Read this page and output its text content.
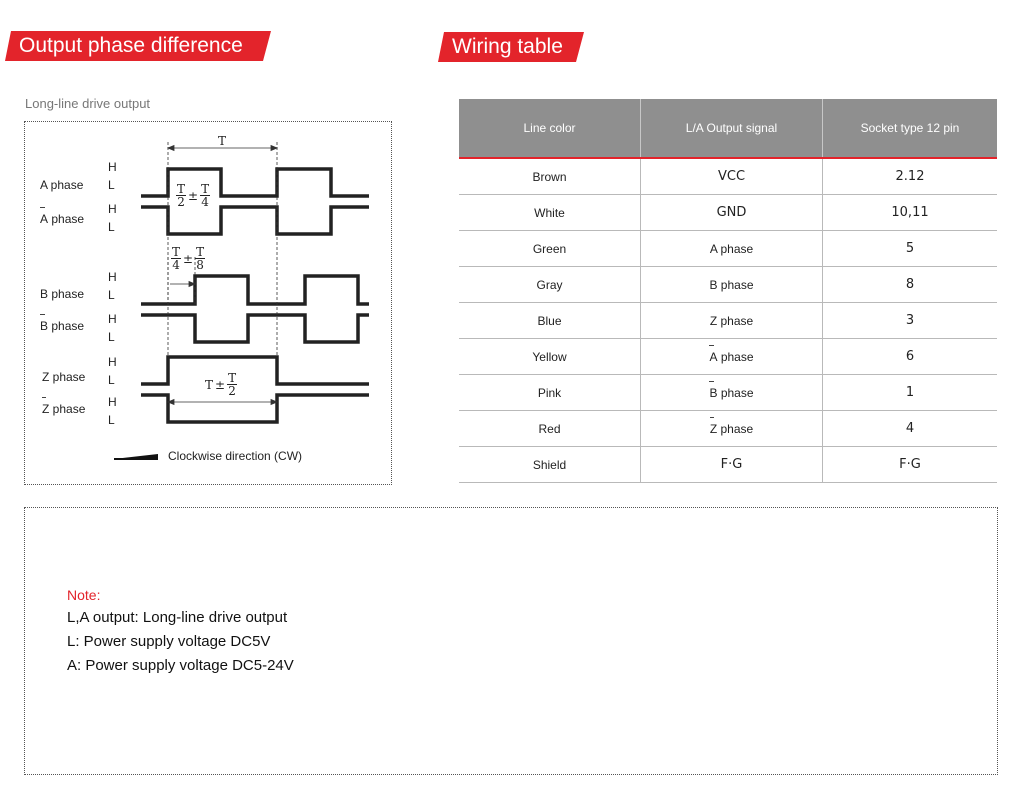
Output phase difference	Wiring table
Long-line drive output
T
H
L
H
L
H
L
H
L
H
L
H
L
A phase
A phase
B phase
B phase
Z phase
Z phase
T
$2 \pm \frac{T}{4}$
T
$4 \pm \frac{T}{8}$
$T \pm \frac{T}{2}$
Clockwise direction (CW)
Line color	L/A Output signal	Socket type 12 pin
Brown	VCC	2.12
White	GND	10,11
Green	A phase	5
Gray	B phase	8
Blue	Z phase	3
Yellow	A phase	6
Pink	B phase	1
Red	Z phase	4
Shield	F·G	F·G
Note:
L,A output: Long-line drive output
L: Power supply voltage DC5V
A: Power supply voltage DC5-24V
